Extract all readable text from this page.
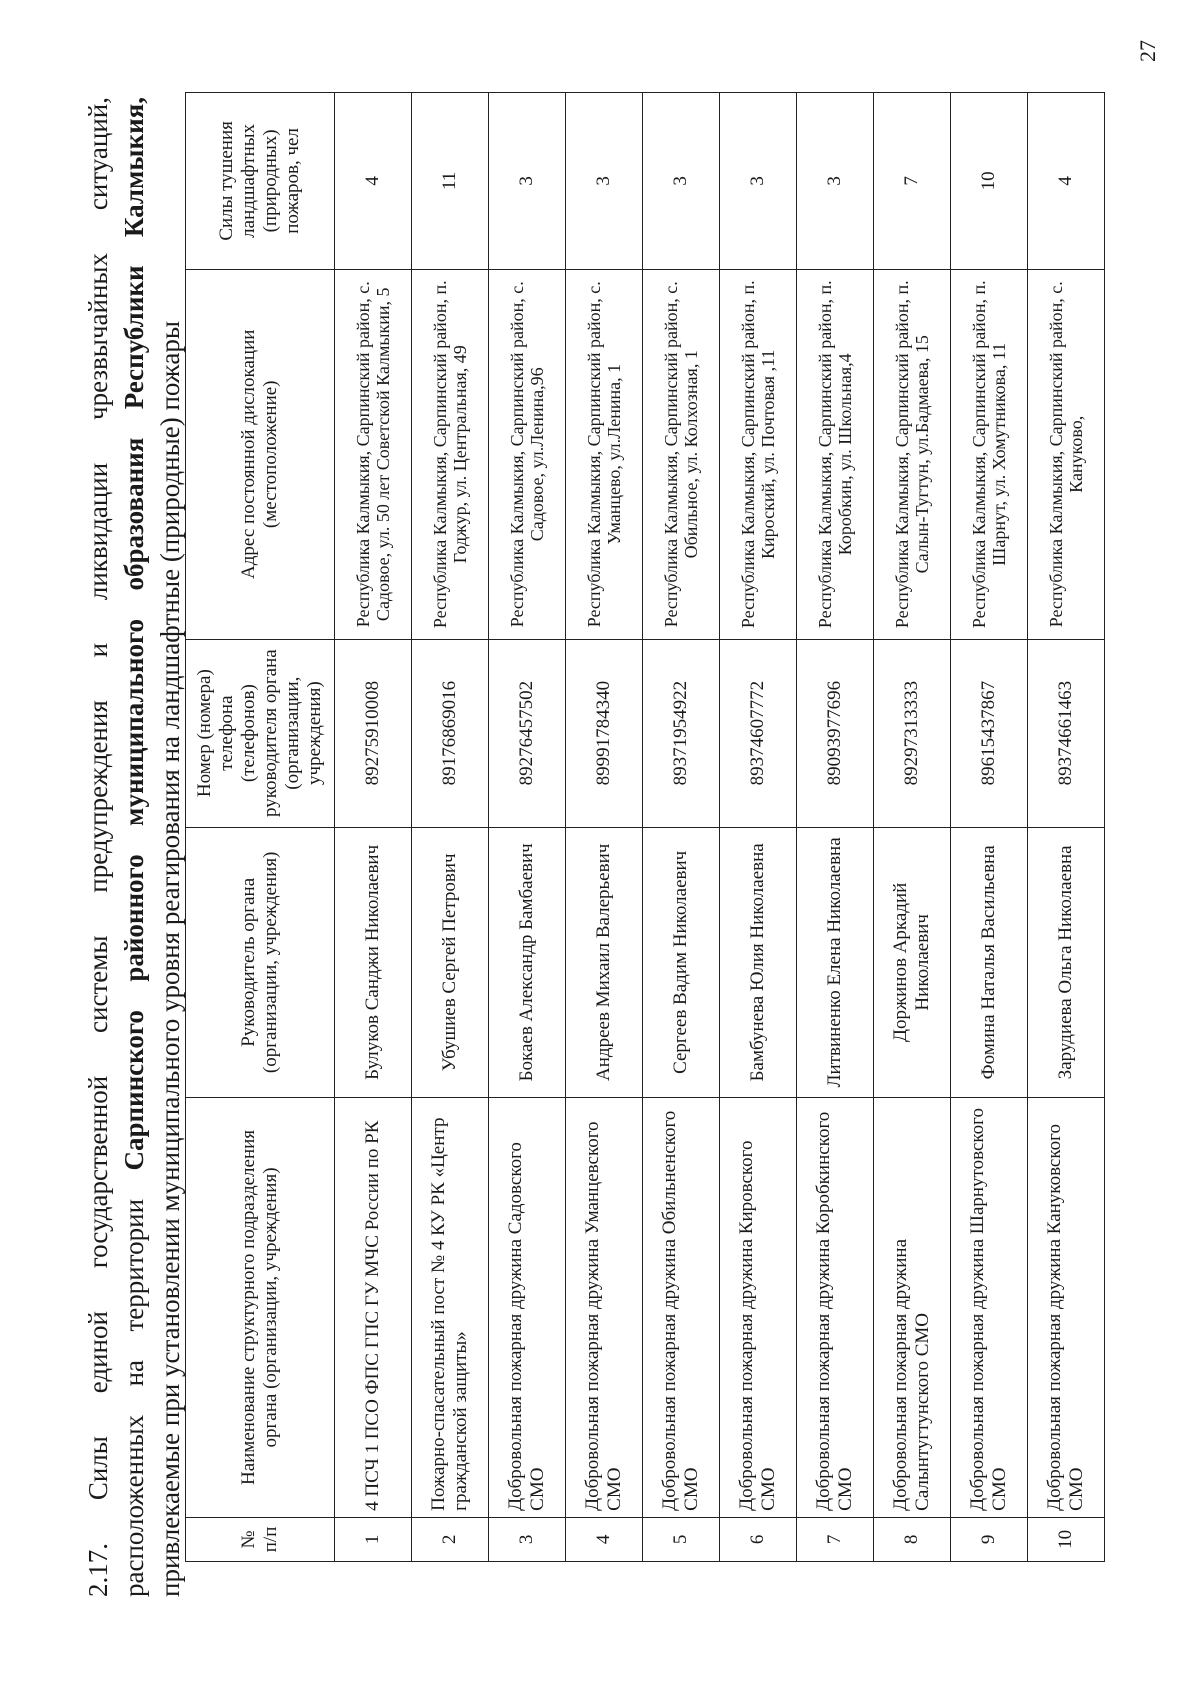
2.17. Силы единой государственной системы предупреждения и ликвидации чрезвычайных ситуаций, расположенных на территории Сарпинского районного муниципального образования Республики Калмыкия, привлекаемые при установлении муниципального уровня реагирования на ландшафтные (природные) пожары	№ п/п	Наименование структурного подразделения органа (организации, учреждения)	Руководитель органа (организации, учреждения)	Номер (номера) телефона (телефонов) руководителя органа (организации, учреждения)	Адрес постоянной дислокации (местоположение)	Силы тушения ландшафтных (природных) пожаров, чел
1	4 ПСЧ 1 ПСО ФПС ГПС ГУ МЧС России по РК	Булуков Санджи Николаевич	89275910008	Республика Калмыкия, Сарпинский район, с. Садовое, ул. 50 лет Советской Калмыкии, 5	4
2	Пожарно-спасательный пост № 4 КУ РК «Центр гражданской защиты»	Убушиев Сергей Петрович	89176869016	Республика Калмыкия, Сарпинский район, п. Годжур, ул. Центральная, 49	11
3	Добровольная пожарная дружина Садовского СМО	Бокаев Александр Бамбаевич	89276457502	Республика Калмыкия, Сарпинский район, с. Садовое, ул.Ленина,96	3
4	Добровольная пожарная дружина Уманцевского СМО	Андреев Михаил Валерьевич	89991784340	Республика Калмыкия, Сарпинский район, с. Уманцево, ул.Ленина, 1	3
5	Добровольная пожарная дружина Обильненского СМО	Сергеев Вадим Николаевич	89371954922	Республика Калмыкия, Сарпинский район, с. Обильное, ул. Колхозная, 1	3
6	Добровольная пожарная дружина Кировского СМО	Бамбунева Юлия Николаевна	89374607772	Республика Калмыкия, Сарпинский район, п. Кироский, ул. Почтовая ,11	3
7	Добровольная пожарная дружина Коробкинского СМО	Литвиненко Елена Николаевна	89093977696	Республика Калмыкия, Сарпинский район, п. Коробкин, ул. Школьная,4	3
8	Добровольная пожарная дружина Салынтугтунского СМО	Доржинов Аркадий Николаевич	89297313333	Республика Калмыкия, Сарпинский район, п. Салын-Тугтун, ул.Бадмаева, 15	7
9	Добровольная пожарная дружина Шарнутовского СМО	Фомина Наталья Васильевна	89615437867	Республика Калмыкия, Сарпинский район, п. Шарнут, ул. Хомутникова, 11	10
10	Добровольная пожарная дружина Кануковского СМО	Зарудиева Ольга Николаевна	89374661463	Республика Калмыкия, Сарпинский район, с. Кануково,	4
27
